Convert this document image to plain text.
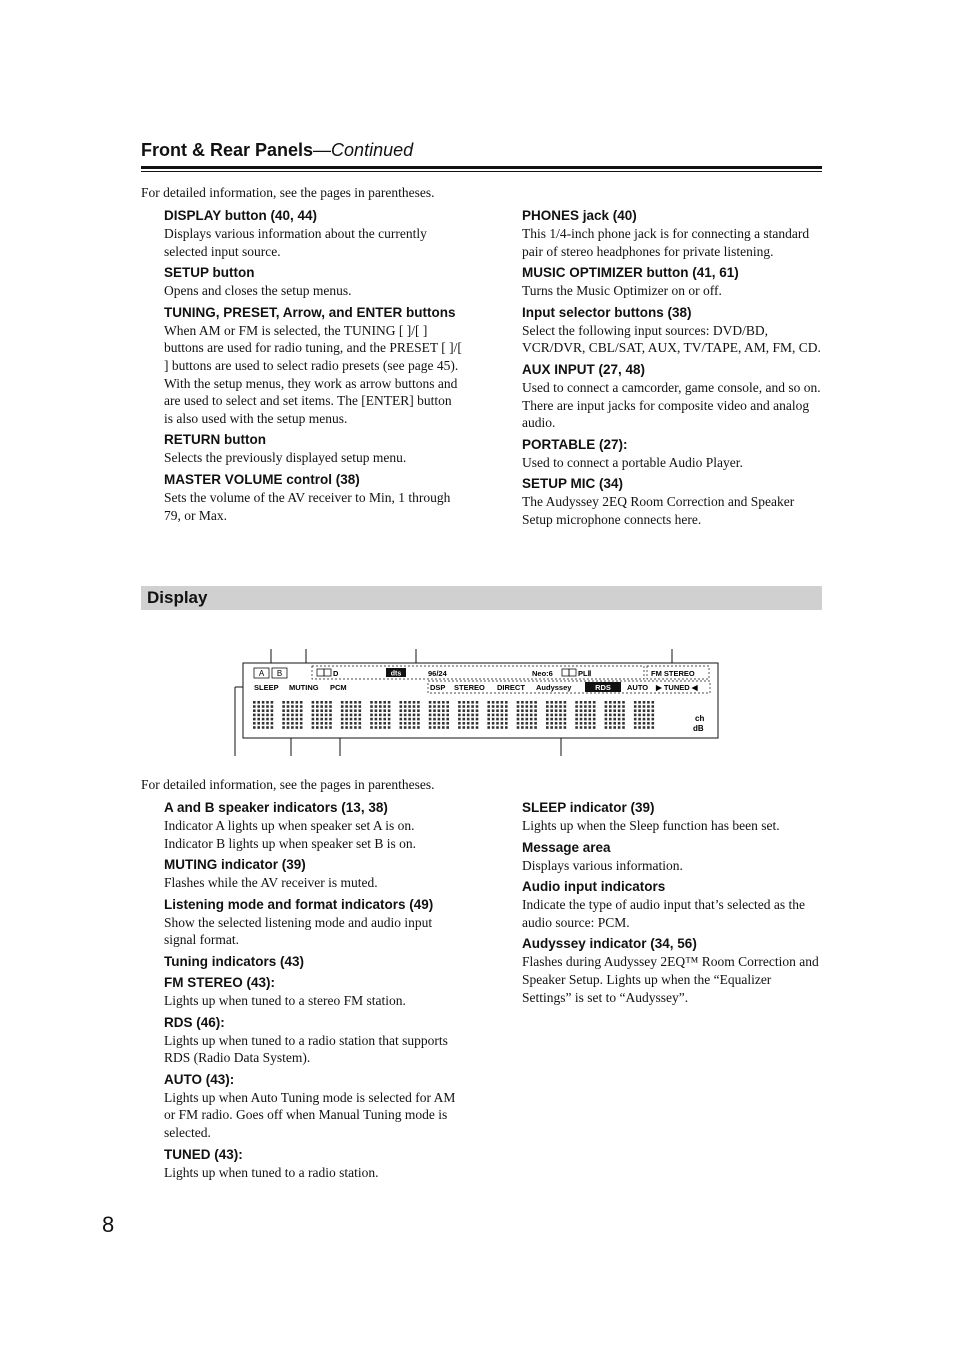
Front & Rear Panels—Continued
For detailed information, see the pages in parentheses.
DISPLAY button (40, 44)
Displays various information about the currently selected input source.
SETUP button
Opens and closes the setup menus.
TUNING, PRESET, Arrow, and ENTER buttons
When AM or FM is selected, the TUNING [ ]/[ ] buttons are used for radio tuning, and the PRESET [ ]/[ ] buttons are used to select radio presets (see page 45). With the setup menus, they work as arrow buttons and are used to select and set items. The [ENTER] button is also used with the setup menus.
RETURN button
Selects the previously displayed setup menu.
MASTER VOLUME control (38)
Sets the volume of the AV receiver to Min, 1 through 79, or Max.
PHONES jack (40)
This 1/4-inch phone jack is for connecting a standard pair of stereo headphones for private listening.
MUSIC OPTIMIZER button (41, 61)
Turns the Music Optimizer on or off.
Input selector buttons (38)
Select the following input sources: DVD/BD, VCR/DVR, CBL/SAT, AUX, TV/TAPE, AM, FM, CD.
AUX INPUT (27, 48)
Used to connect a camcorder, game console, and so on. There are input jacks for composite video and analog audio.
PORTABLE (27):
Used to connect a portable Audio Player.
SETUP MIC (34)
The Audyssey 2EQ Room Correction and Speaker Setup microphone connects here.
Display
A B	D	dts	96/24	Neo:6	PLⅡ	FM STEREO
SLEEP MUTING PCM	DSP STEREO DIRECT Audyssey	RDS AUTO ▶ TUNED ◀
ch
dB
For detailed information, see the pages in parentheses.
A and B speaker indicators (13, 38)
Indicator A lights up when speaker set A is on. Indicator B lights up when speaker set B is on.
MUTING indicator (39)
Flashes while the AV receiver is muted.
Listening mode and format indicators (49)
Show the selected listening mode and audio input signal format.
Tuning indicators (43)
FM STEREO (43):
Lights up when tuned to a stereo FM station.
RDS (46):
Lights up when tuned to a radio station that supports RDS (Radio Data System).
AUTO (43):
Lights up when Auto Tuning mode is selected for AM or FM radio. Goes off when Manual Tuning mode is selected.
TUNED (43):
Lights up when tuned to a radio station.
SLEEP indicator (39)
Lights up when the Sleep function has been set.
Message area
Displays various information.
Audio input indicators
Indicate the type of audio input that’s selected as the audio source: PCM.
Audyssey indicator (34, 56)
Flashes during Audyssey 2EQ™ Room Correction and Speaker Setup. Lights up when the “Equalizer Settings” is set to “Audyssey”.
8
